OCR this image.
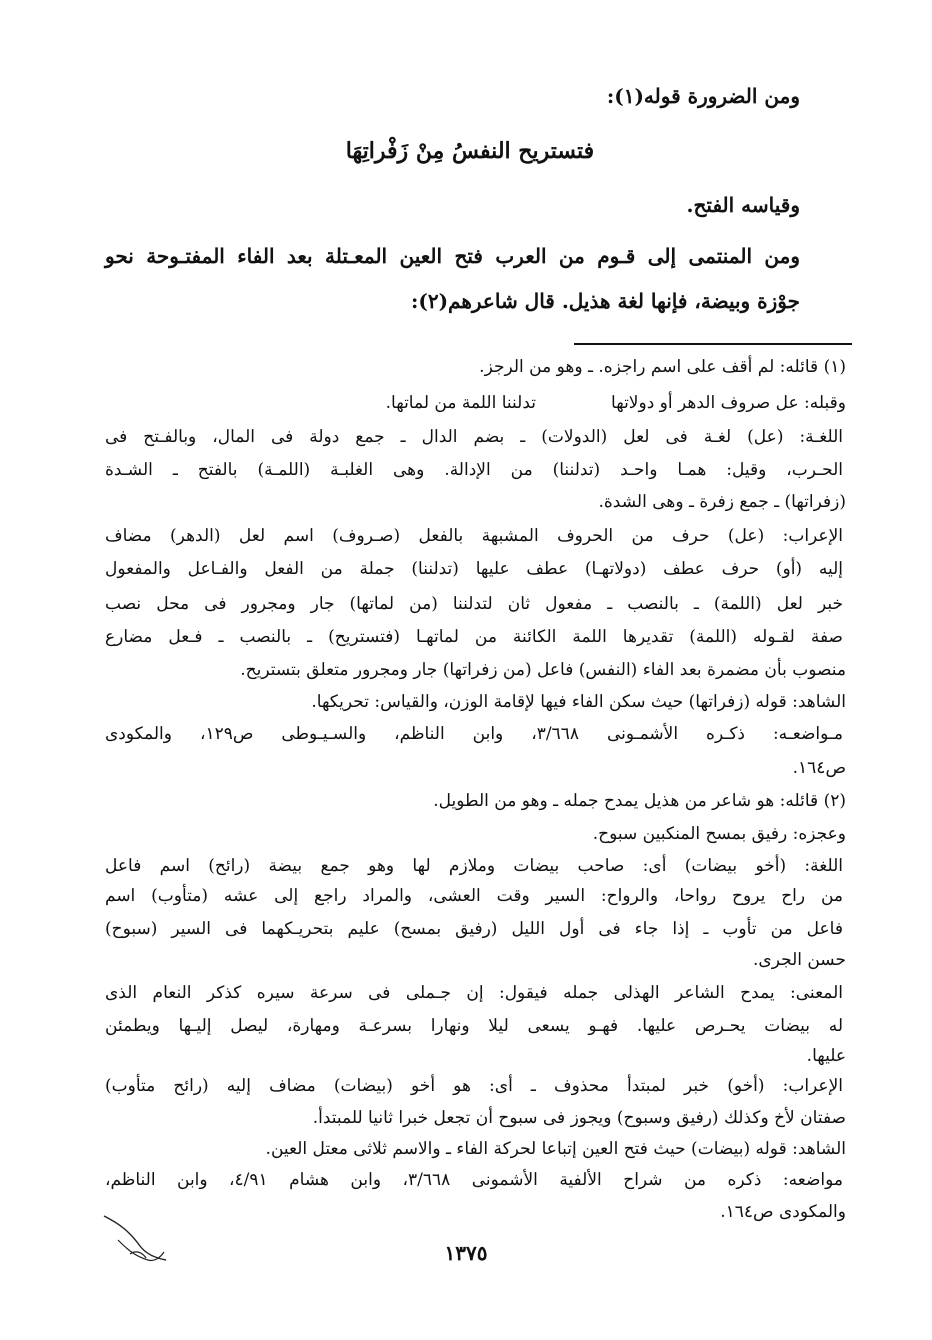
ومن الضرورة قوله(١):
فتستريح النفسُ مِنْ زَفْراتِهَا
وقياسه الفتح.
ومن المنتمى إلى قـوم من العرب فتح العين المعـتلة بعد الفاء المفتـوحة نحو
جوْزة وبيضة، فإنها لغة هذيل. قال شاعرهم(٢):
(١) قائله: لم أقف على اسم راجزه. ـ وهو من الرجز.
وقبله: عل صروف الدهر أو دولاتها
تدلننا اللمة من لماتها.
اللغـة: (عل) لغـة فى لعل (الدولات) ـ بضم الدال ـ جمع دولة فى المال، وبالفـتح فى
الحـرب، وقيل: همـا واحـد (تدلننا) من الإدالة. وهى الغلبـة (اللمـة) بالفتح ـ الشـدة
(زفراتها) ـ جمع زفرة ـ وهى الشدة.
الإعراب: (عل) حرف من الحروف المشبهة بالفعل (صـروف) اسم لعل (الدهر) مضاف
إليه (أو) حرف عطف (دولاتهـا) عطف عليها (تدلننا) جملة من الفعل والفـاعل والمفعول
خبر لعل (اللمة) ـ بالنصب ـ مفعول ثان لتدلننا (من لماتها) جار ومجرور فى محل نصب
صفة لقـوله (اللمة) تقديرها اللمة الكائنة من لماتهـا (فتستريح) ـ بالنصب ـ فـعل مضارع
منصوب بأن مضمرة بعد الفاء (النفس) فاعل (من زفراتها) جار ومجرور متعلق بتستريح.
الشاهد: قوله (زفراتها) حيث سكن الفاء فيها لإقامة الوزن، والقياس: تحريكها.
مـواضعـه: ذكـره الأشمـونى ٣/٦٦٨، وابن الناظم، والسـيـوطى ص١٢٩، والمكودى
ص١٦٤.
(٢) قائله: هو شاعر من هذيل يمدح جمله ـ وهو من الطويل.
وعجزه: رفيق بمسح المنكبين سبوح.
اللغة: (أخو بيضات) أى: صاحب بيضات وملازم لها وهو جمع بيضة (رائح) اسم فاعل
من راح يروح رواحا، والرواح: السير وقت العشى، والمراد راجع إلى عشه (متأوب) اسم
فاعل من تأوب ـ إذا جاء فى أول الليل (رفيق بمسح) عليم بتحريـكهما فى السير (سبوح)
حسن الجرى.
المعنى: يمدح الشاعر الهذلى جمله فيقول: إن جـملى فى سرعة سيره كذكر النعام الذى
له بيضات يحـرص عليها. فهـو يسعى ليلا ونهارا بسرعـة ومهارة، ليصل إليـها ويطمئن
عليها.
الإعراب: (أخو) خبر لمبتدأ محذوف ـ أى: هو أخو (بيضات) مضاف إليه (رائح متأوب)
صفتان لأخ وكذلك (رفيق وسبوح) ويجوز فى سبوح أن تجعل خبرا ثانيا للمبتدأ.
الشاهد: قوله (بيضات) حيث فتح العين إتباعا لحركة الفاء ـ والاسم ثلاثى معتل العين.
مواضعه: ذكره من شراح الألفية الأشمونى ٣/٦٦٨، وابن هشام ٤/٩١، وابن الناظم،
والمكودى ص١٦٤.
١٣٧٥
